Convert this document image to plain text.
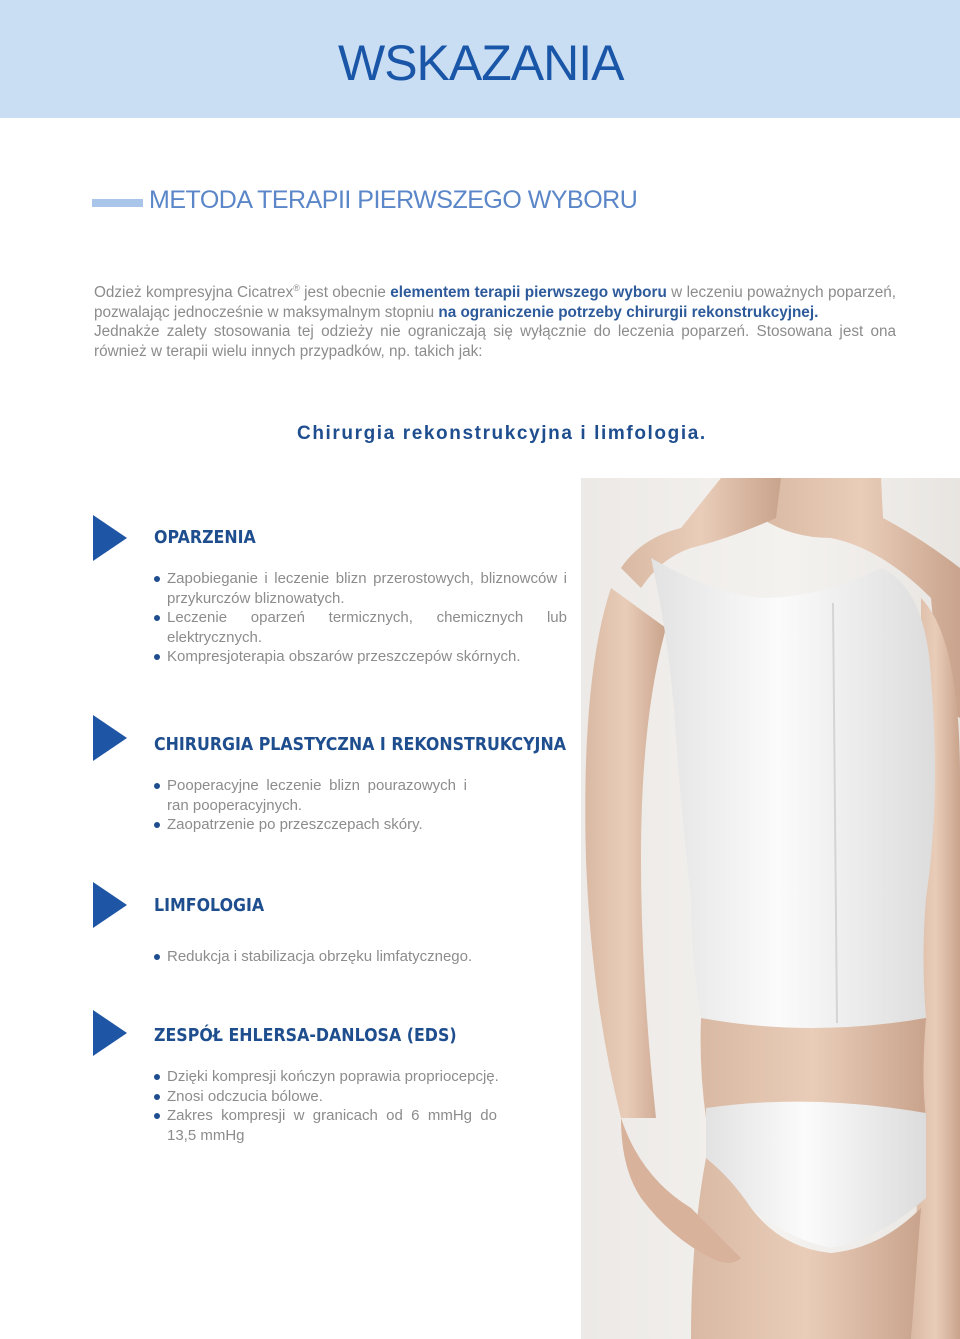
WSKAZANIA
METODA TERAPII PIERWSZEGO WYBORU

Odzież kompresyjna Cicatrex® jest obecnie elementem terapii pierwszego wyboru w leczeniu poważnych poparzeń, pozwalając jednocześnie w maksymalnym stopniu na ograniczenie potrzeby chirurgii rekonstrukcyjnej.

Jednakże zalety stosowania tej odzieży nie ograniczają się wyłącznie do leczenia poparzeń. Stosowana jest ona również w terapii wielu innych przypadków, np. takich jak:

Chirurgia rekonstrukcyjna i limfologia.
OPARZENIA
Zapobieganie i leczenie blizn przerostowych, bliznowców i przykurczów bliznowatych.
Leczenie oparzeń termicznych, chemicznych lub elektrycznych.
Kompresjoterapia obszarów przeszczepów skórnych.
CHIRURGIA PLASTYCZNA I REKONSTRUKCYJNA
Pooperacyjne leczenie blizn pourazowych i ran pooperacyjnych.
Zaopatrzenie po przeszczepach skóry.
LIMFOLOGIA
Redukcja i stabilizacja obrzęku limfatycznego.
ZESPÓŁ EHLERSA-DANLOSA (EDS)
Dzięki kompresji kończyn poprawia propriocepcję.
Znosi odczucia bólowe.
Zakres kompresji w granicach od 6 mmHg do 13,5 mmHg
